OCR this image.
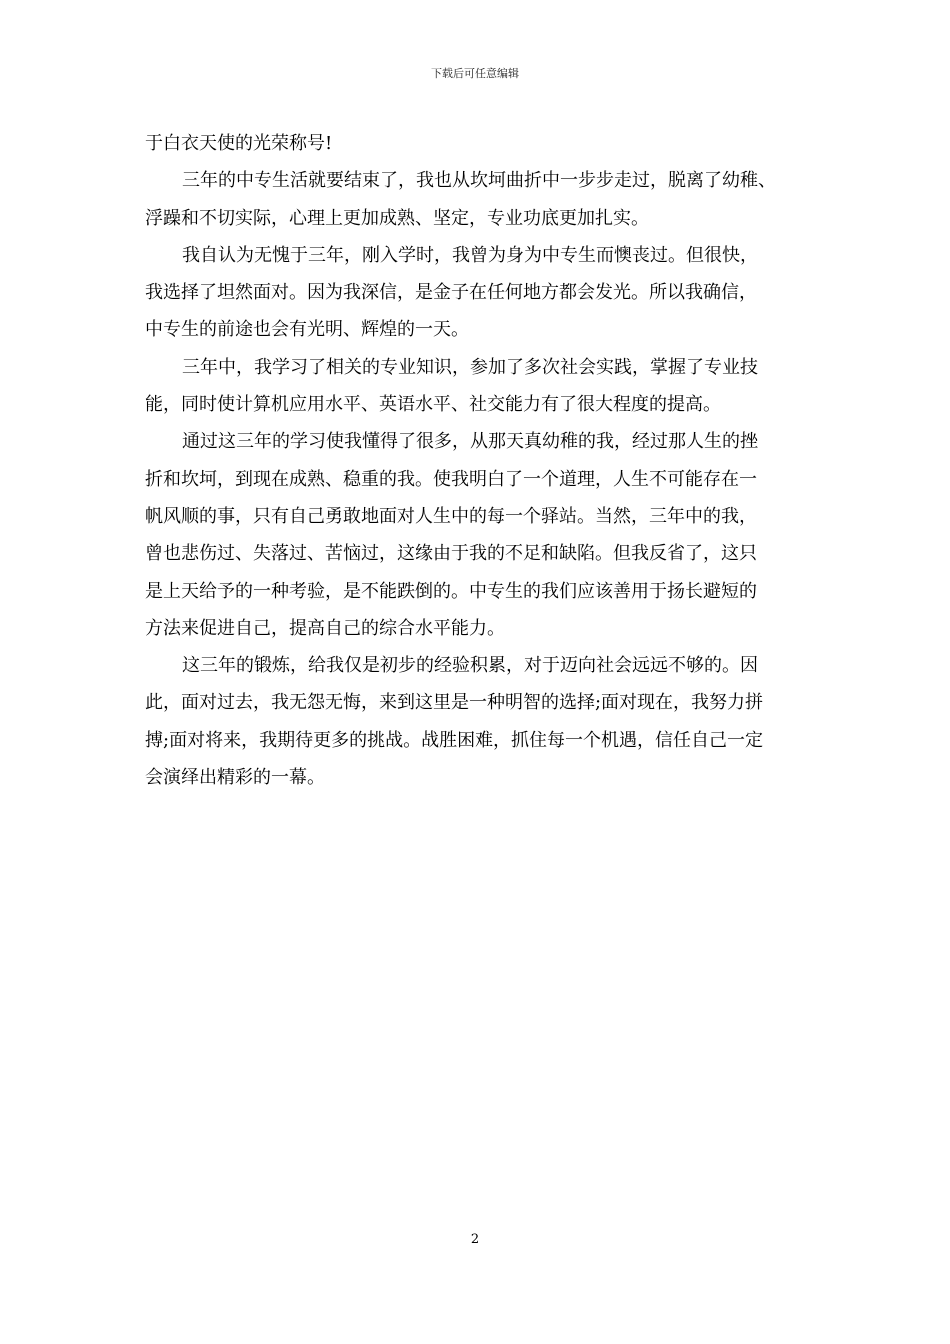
下载后可任意编辑
于白衣天使的光荣称号!
三年的中专生活就要结束了，我也从坎坷曲折中一步步走过，脱离了幼稚、
浮躁和不切实际，心理上更加成熟、坚定，专业功底更加扎实。
我自认为无愧于三年，刚入学时，我曾为身为中专生而懊丧过。但很快，
我选择了坦然面对。因为我深信，是金子在任何地方都会发光。所以我确信，
中专生的前途也会有光明、辉煌的一天。
三年中，我学习了相关的专业知识，参加了多次社会实践，掌握了专业技
能，同时使计算机应用水平、英语水平、社交能力有了很大程度的提高。
通过这三年的学习使我懂得了很多，从那天真幼稚的我，经过那人生的挫
折和坎坷，到现在成熟、稳重的我。使我明白了一个道理，人生不可能存在一
帆风顺的事，只有自己勇敢地面对人生中的每一个驿站。当然，三年中的我，
曾也悲伤过、失落过、苦恼过，这缘由于我的不足和缺陷。但我反省了，这只
是上天给予的一种考验，是不能跌倒的。中专生的我们应该善用于扬长避短的
方法来促进自己，提高自己的综合水平能力。
这三年的锻炼，给我仅是初步的经验积累，对于迈向社会远远不够的。因
此，面对过去，我无怨无悔，来到这里是一种明智的选择;面对现在，我努力拼
搏;面对将来，我期待更多的挑战。战胜困难，抓住每一个机遇，信任自己一定
会演绎出精彩的一幕。
2
